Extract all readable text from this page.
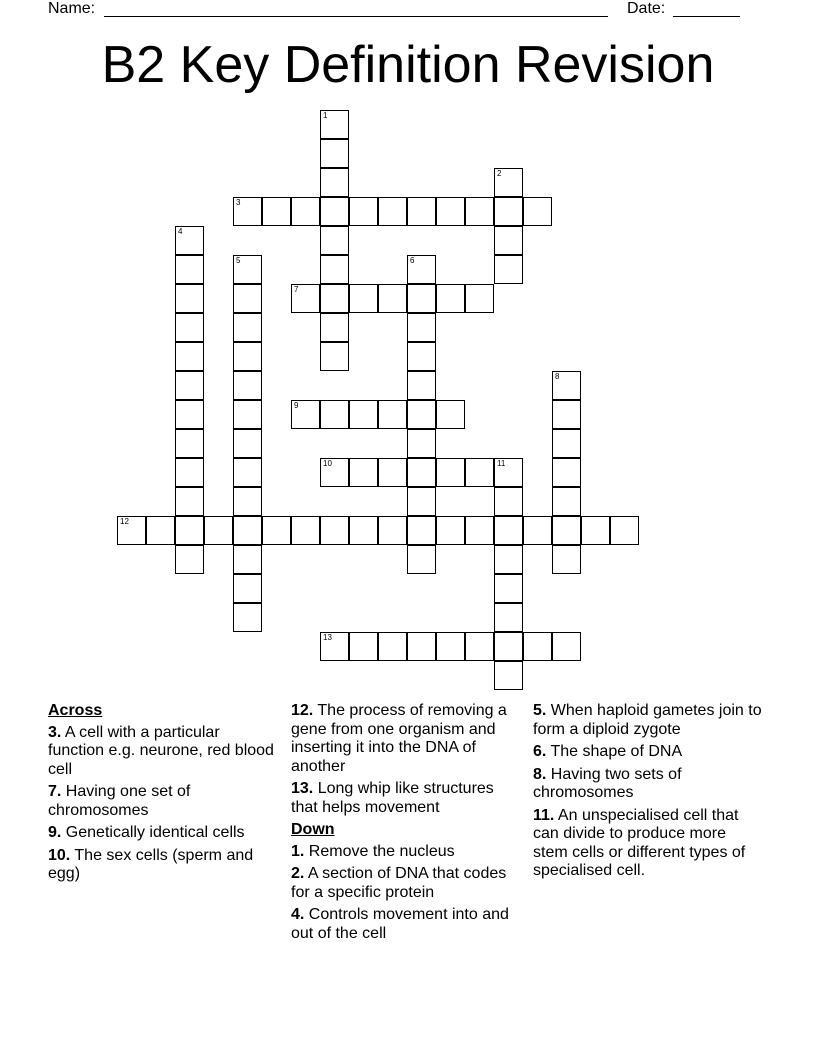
Name:	Date:
B2 Key Definition Revision
1
2
3
4
5	6
7
8
9
10	11
12
13
Across
3. A cell with a particular function e.g. neurone, red blood cell
7. Having one set of chromosomes
9. Genetically identical cells
10. The sex cells (sperm and egg)
12. The process of removing a gene from one organism and inserting it into the DNA of another
13. Long whip like structures that helps movement
Down
1. Remove the nucleus
2. A section of DNA that codes for a specific protein
4. Controls movement into and out of the cell
5. When haploid gametes join to form a diploid zygote
6. The shape of DNA
8. Having two sets of chromosomes
11. An unspecialised cell that can divide to produce more stem cells or different types of specialised cell.
